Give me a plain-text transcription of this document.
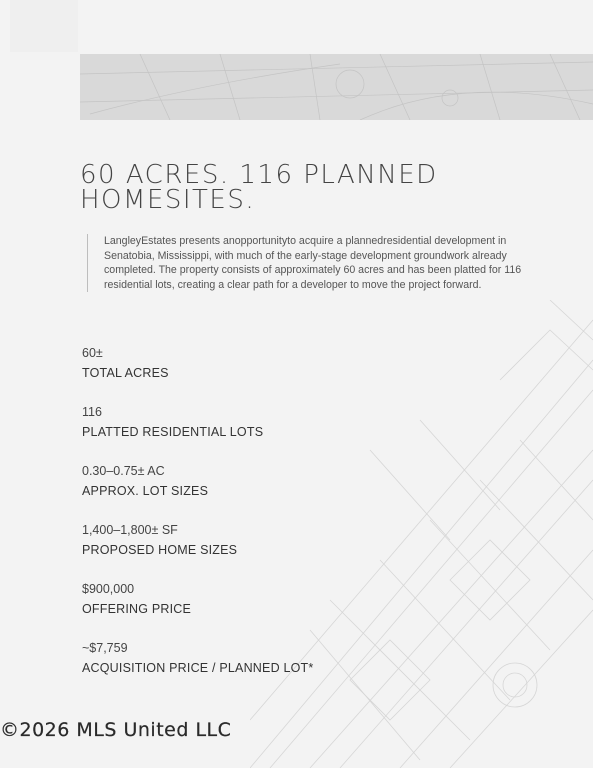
60 ACRES. 116 PLANNED HOMESITES.

LangleyEstates presents anopportunityto acquire a plannedresidential development in Senatobia, Mississippi, with much of the early-stage development groundwork already completed. The property consists of approximately 60 acres and has been platted for 116 residential lots, creating a clear path for a developer to move the project forward.

60±
TOTAL ACRES
116
PLATTED RESIDENTIAL LOTS
0.30–0.75± AC
APPROX. LOT SIZES
1,400–1,800± SF
PROPOSED HOME SIZES
$900,000
OFFERING PRICE
~$7,759
ACQUISITION PRICE / PLANNED LOT*
©2026 MLS United LLC
